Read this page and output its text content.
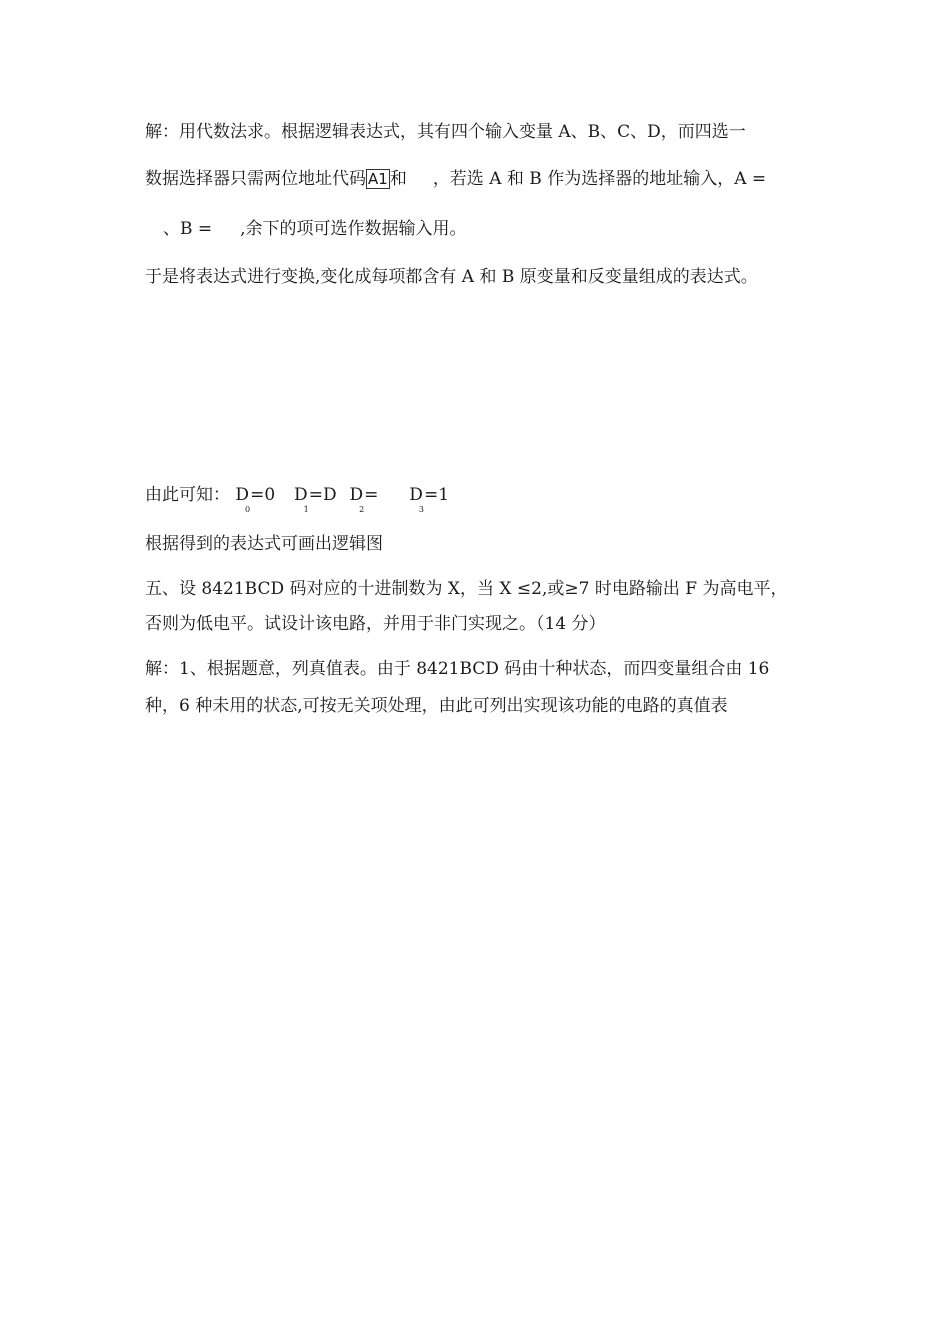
解：用代数法求。根据逻辑表达式，其有四个输入变量 A、B、C、D，而四选一
数据选择器只需两位地址代码 A1 和 ，若选 A 和 B 作为选择器的地址输入，A =
、B = ,余下的项可选作数据输入用。
于是将表达式进行变换,变化成每项都含有 A 和 B 原变量和反变量组成的表达式。
由此可知： $D_0=0$ $D_1=D$ $D_2= D_3=1$
根据得到的表达式可画出逻辑图
五、设 8421BCD 码对应的十进制数为 X，当 X ≤2,或≥7 时电路输出 F 为高电平，
否则为低电平。试设计该电路，并用于非门实现之。（14 分）
解：1、根据题意，列真值表。由于 8421BCD 码由十种状态，而四变量组合由 16
种，6 种未用的状态,可按无关项处理，由此可列出实现该功能的电路的真值表
